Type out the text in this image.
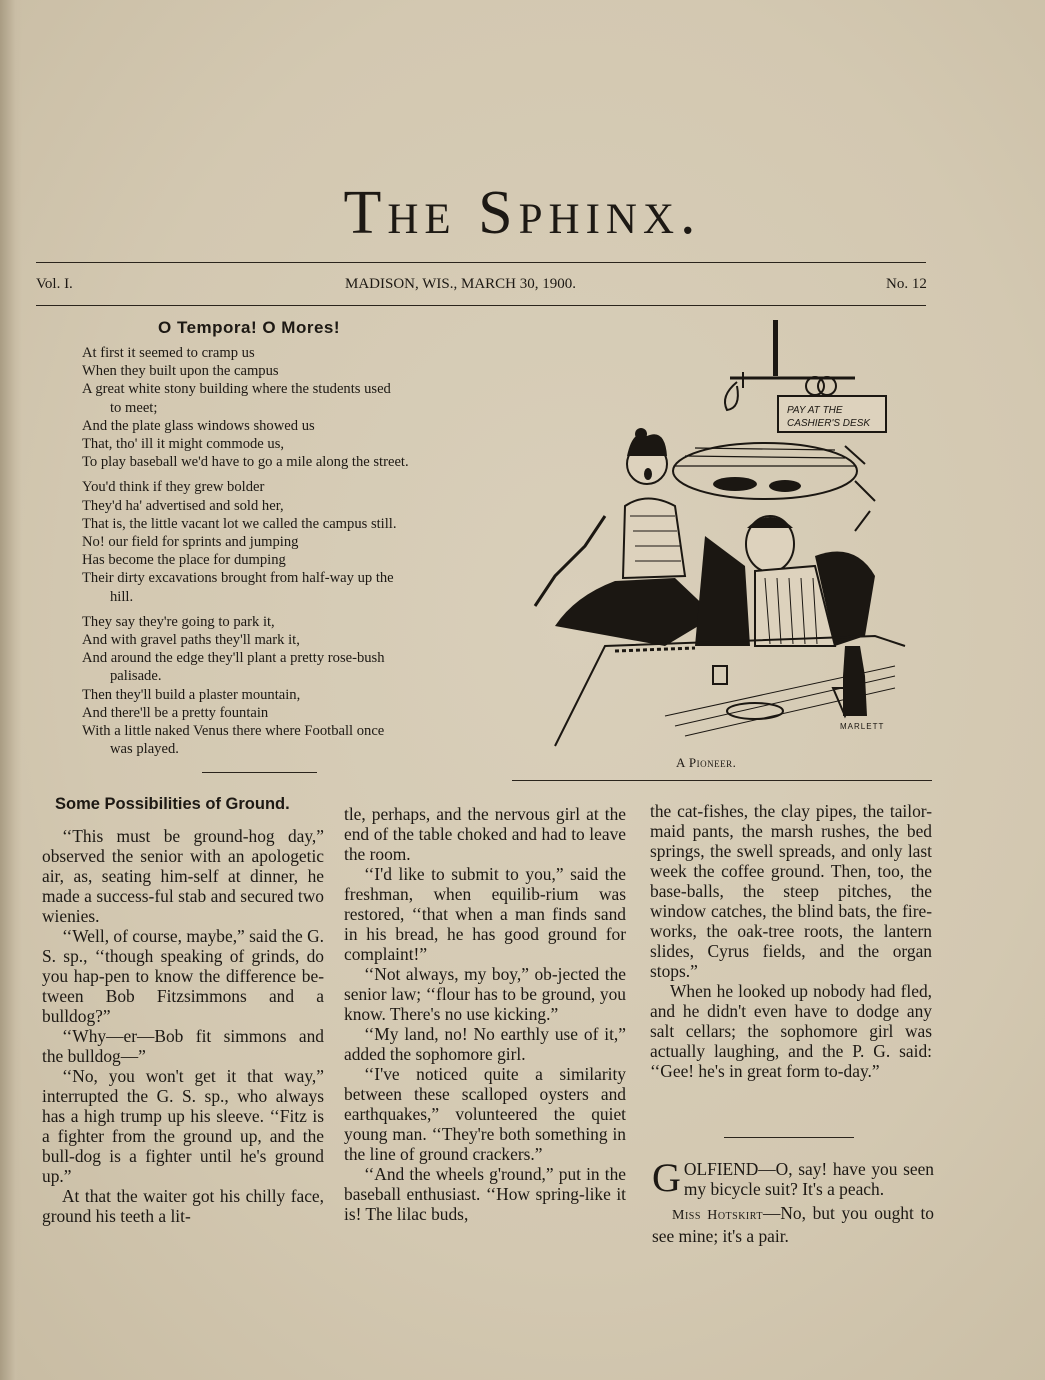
The Sphinx.
Vol. I.	MADISON, WIS., MARCH 30, 1900.	No. 12
O Tempora! O Mores!
At first it seemed to cramp us
When they built upon the campus
A great white stony building where the students used
to meet;
And the plate glass windows showed us
That, tho' ill it might commode us,
To play baseball we'd have to go a mile along the street.
You'd think if they grew bolder
They'd ha' advertised and sold her,
That is, the little vacant lot we called the campus still.
No! our field for sprints and jumping
Has become the place for dumping
Their dirty excavations brought from half-way up the
hill.
They say they're going to park it,
And with gravel paths they'll mark it,
And around the edge they'll plant a pretty rose-bush
palisade.
Then they'll build a plaster mountain,
And there'll be a pretty fountain
With a little naked Venus there where Football once
was played.
PAY AT THE
CASHIER'S DESK
MARLETT
A Pioneer.
Some Possibilities of Ground.

‘‘This must be ground-hog day,” observed the senior with an apologetic air, as, seating him-self at dinner, he made a success-ful stab and secured two wienies.

‘‘Well, of course, maybe,” said the G. S. sp., ‘‘though speaking of grinds, do you hap-pen to know the difference be-tween Bob Fitzsimmons and a bulldog?”

‘‘Why—er—Bob fit simmons and the bulldog—”

‘‘No, you won't get it that way,” interrupted the G. S. sp., who always has a high trump up his sleeve. ‘‘Fitz is a fighter from the ground up, and the bull-dog is a fighter until he's ground up.”

At that the waiter got his chilly face, ground his teeth a lit-

tle, perhaps, and the nervous girl at the end of the table choked and had to leave the room.

‘‘I'd like to submit to you,” said the freshman, when equilib-rium was restored, ‘‘that when a man finds sand in his bread, he has good ground for complaint!”

‘‘Not always, my boy,” ob-jected the senior law; ‘‘flour has to be ground, you know. There's no use kicking.”

‘‘My land, no! No earthly use of it,” added the sophomore girl.

‘‘I've noticed quite a similarity between these scalloped oysters and earthquakes,” volunteered the quiet young man. ‘‘They're both something in the line of ground crackers.”

‘‘And the wheels g'round,” put in the baseball enthusiast. ‘‘How spring-like it is! The lilac buds,

the cat-fishes, the clay pipes, the tailor-maid pants, the marsh rushes, the bed springs, the swell spreads, and only last week the coffee ground. Then, too, the base-balls, the steep pitches, the window catches, the blind bats, the fire-works, the oak-tree roots, the lantern slides, Cyrus fields, and the organ stops.”

When he looked up nobody had fled, and he didn't even have to dodge any salt cellars; the sophomore girl was actually laughing, and the P. G. said: ‘‘Gee! he's in great form to-day.”

GOLFIEND—O, say! have you seen my bicycle suit? It's a peach.

Miss Hotskirt—No, but you ought to see mine; it's a pair.
